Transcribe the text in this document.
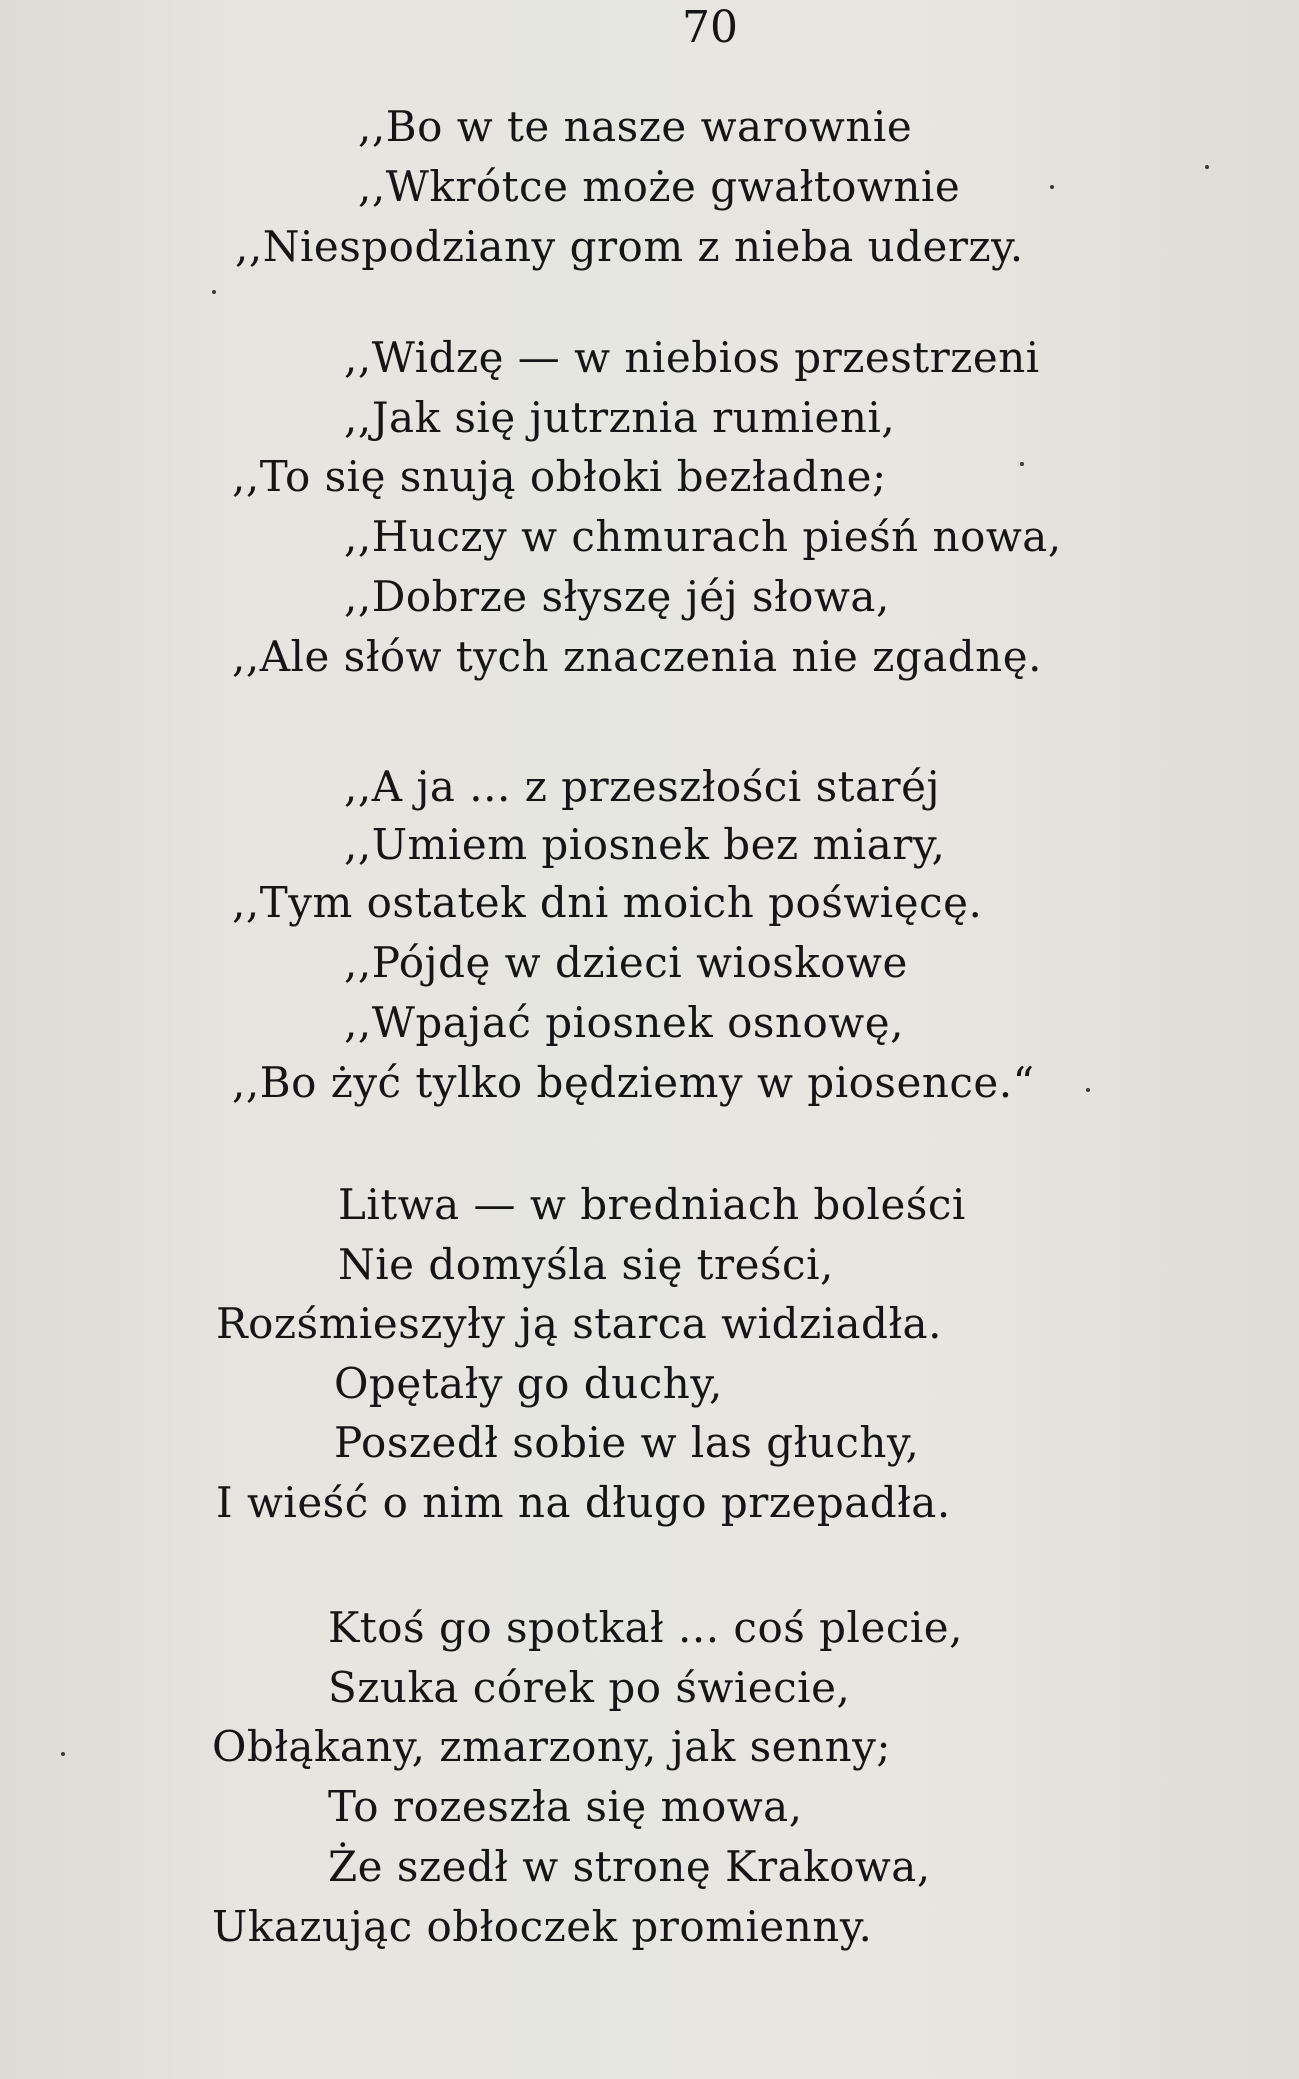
70
,,Bo w te nasze warownie
,,Wkrótce może gwałtownie
,,Niespodziany grom z nieba uderzy.
,,Widzę — w niebios przestrzeni
,,Jak się jutrznia rumieni,
,,To się snują obłoki bezładne;
,,Huczy w chmurach pieśń nowa,
,,Dobrze słyszę jéj słowa,
,,Ale słów tych znaczenia nie zgadnę.
,,A ja ... z przeszłości staréj
,,Umiem piosnek bez miary,
,,Tym ostatek dni moich poświęcę.
,,Pójdę w dzieci wioskowe
,,Wpajać piosnek osnowę,
,,Bo żyć tylko będziemy w piosence.“
Litwa — w bredniach boleści
Nie domyśla się treści,
Rozśmieszyły ją starca widziadła.
Opętały go duchy,
Poszedł sobie w las głuchy,
I wieść o nim na długo przepadła.
Ktoś go spotkał ... coś plecie,
Szuka córek po świecie,
Obłąkany, zmarzony, jak senny;
To rozeszła się mowa,
Że szedł w stronę Krakowa,
Ukazując obłoczek promienny.
